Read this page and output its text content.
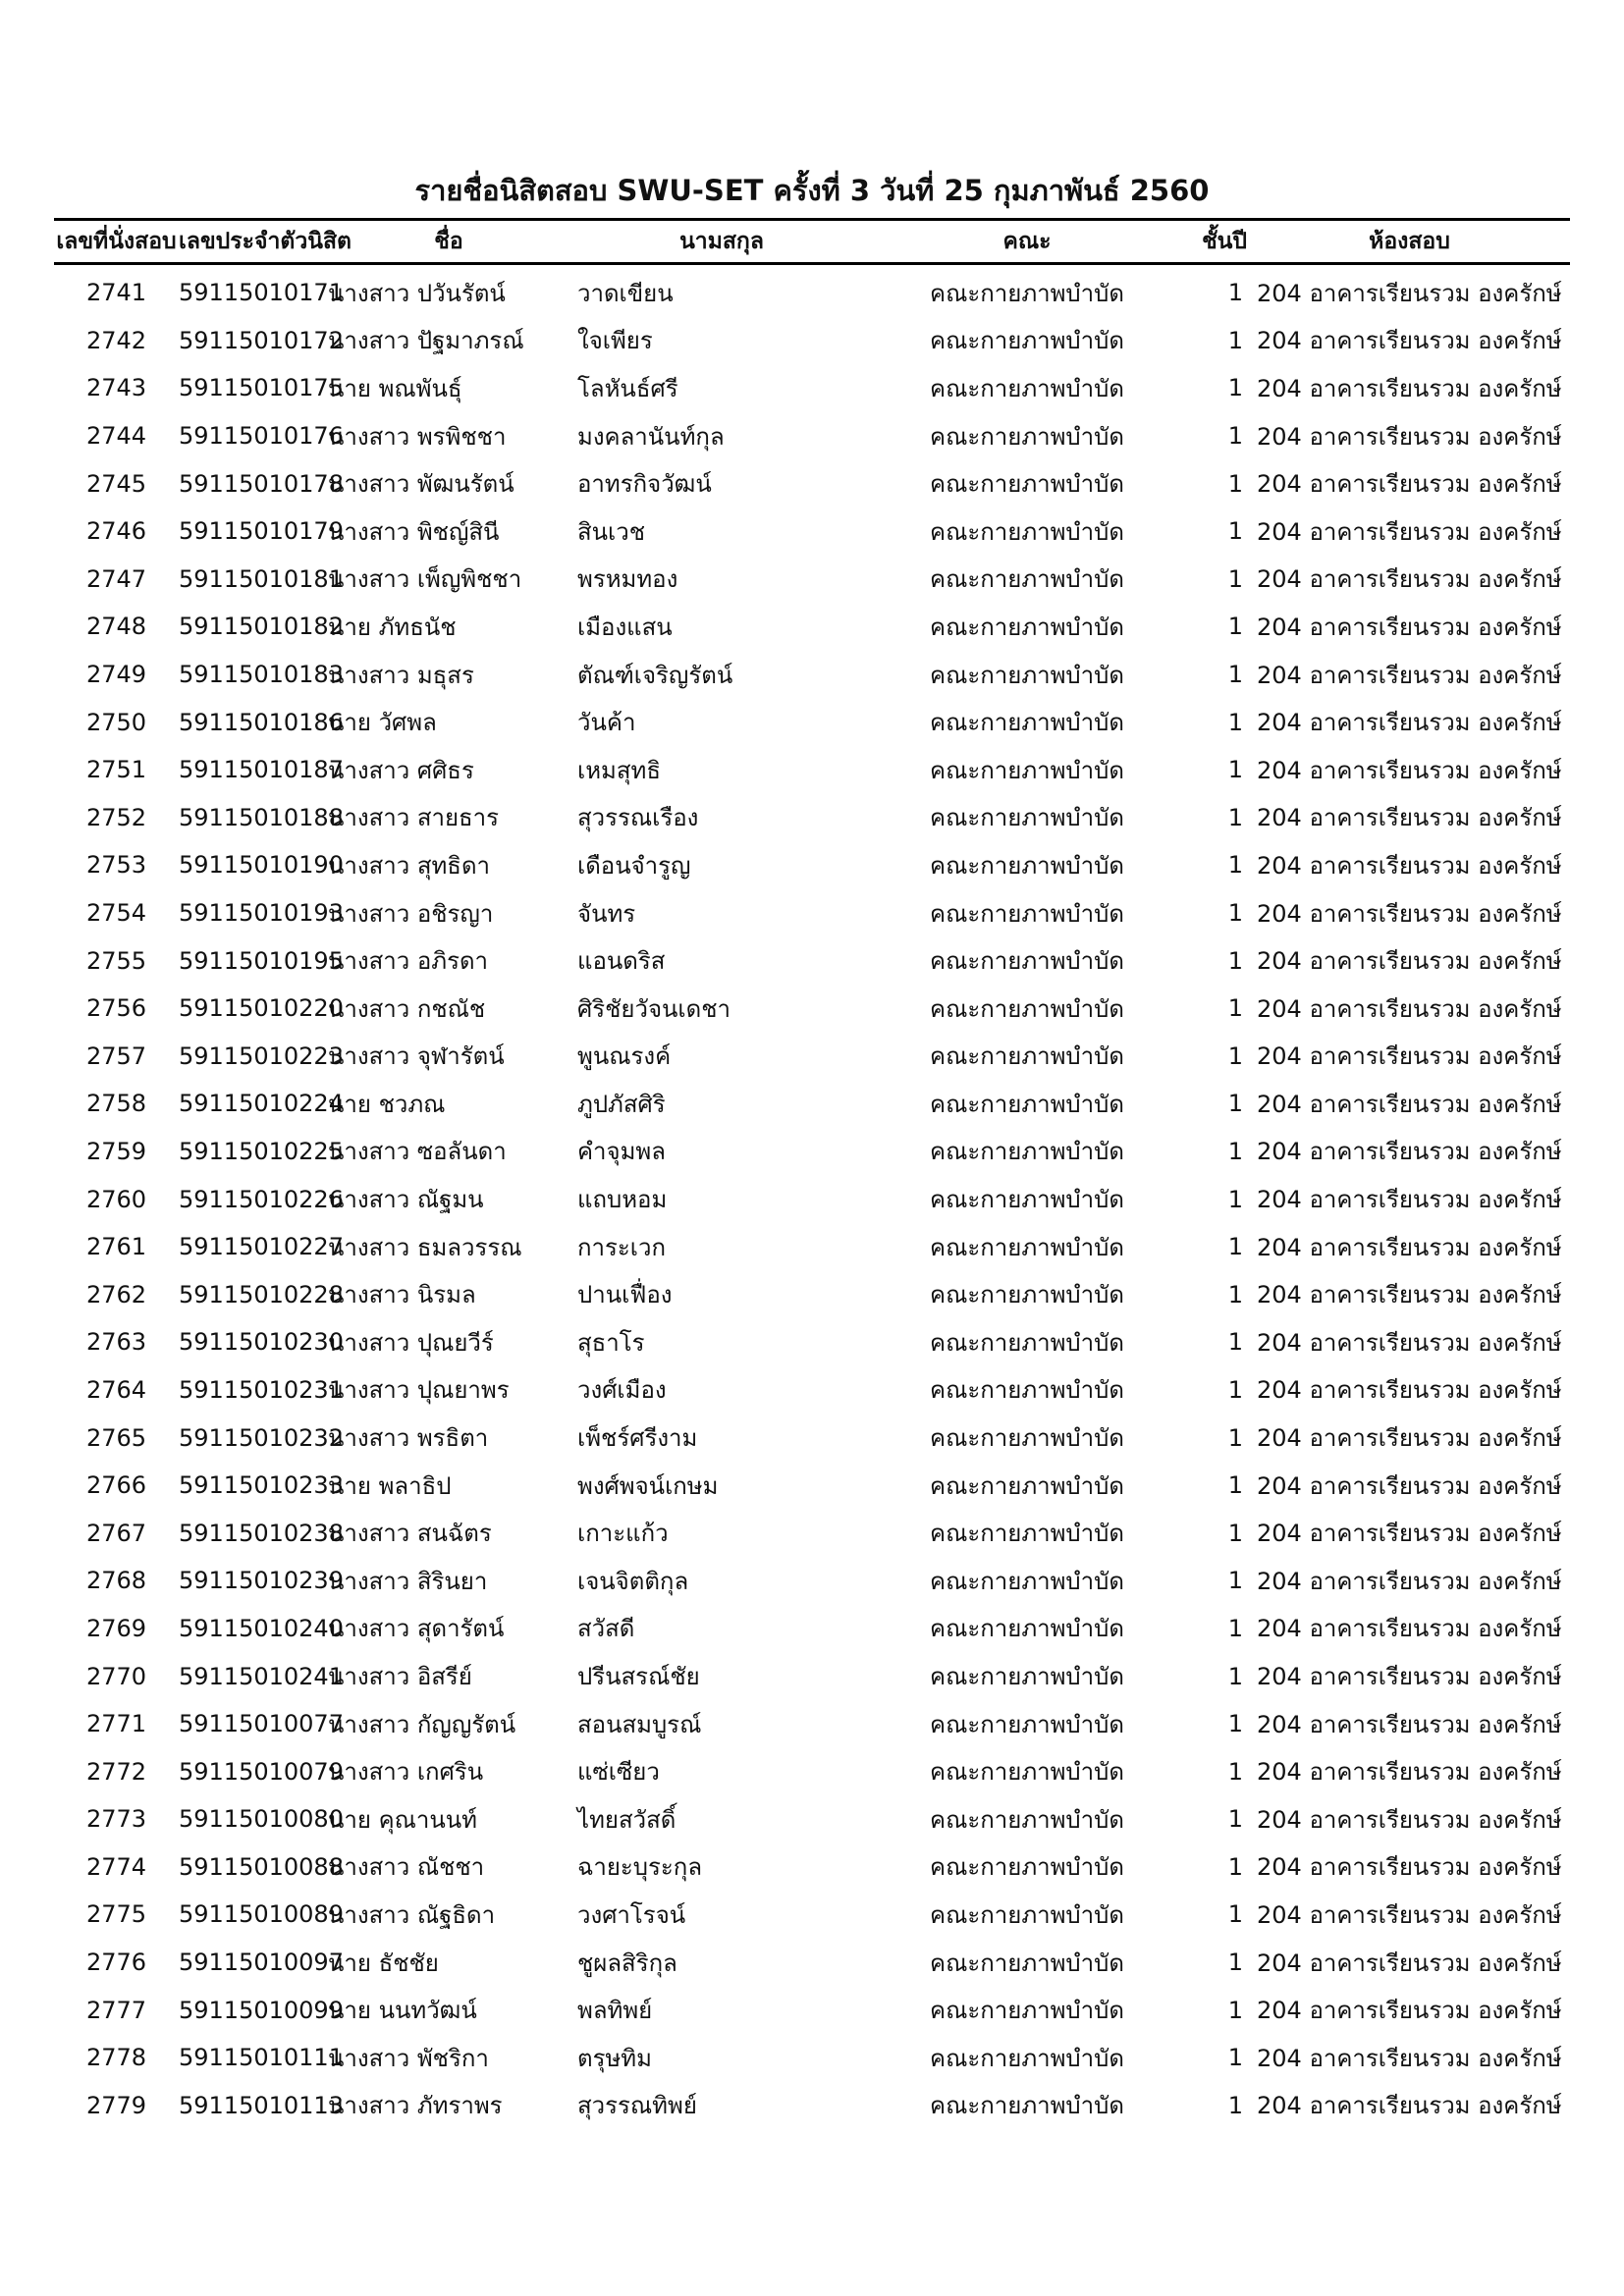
รายชื่อนิสิตสอบ SWU-SET ครั้งที่ 3 วันที่ 25 กุมภาพันธ์ 2560
เลขที่นั่งสอบ	เลขประจำตัวนิสิต	ชื่อ	นามสกุล	คณะ	ชั้นปี	ห้องสอบ
2741	59115010171	นางสาว ปวันรัตน์	วาดเขียน	คณะกายภาพบำบัด	1	204 อาคารเรียนรวม องครักษ์
2742	59115010172	นางสาว ปัฐมาภรณ์	ใจเพียร	คณะกายภาพบำบัด	1	204 อาคารเรียนรวม องครักษ์
2743	59115010175	นาย พณพันธุ์	โลหันธ์ศรี	คณะกายภาพบำบัด	1	204 อาคารเรียนรวม องครักษ์
2744	59115010176	นางสาว พรพิชชา	มงคลานันท์กุล	คณะกายภาพบำบัด	1	204 อาคารเรียนรวม องครักษ์
2745	59115010178	นางสาว พัฒนรัตน์	อาทรกิจวัฒน์	คณะกายภาพบำบัด	1	204 อาคารเรียนรวม องครักษ์
2746	59115010179	นางสาว พิชญ์สินี	สินเวช	คณะกายภาพบำบัด	1	204 อาคารเรียนรวม องครักษ์
2747	59115010181	นางสาว เพ็ญพิชชา	พรหมทอง	คณะกายภาพบำบัด	1	204 อาคารเรียนรวม องครักษ์
2748	59115010182	นาย ภัทธนัช	เมืองแสน	คณะกายภาพบำบัด	1	204 อาคารเรียนรวม องครักษ์
2749	59115010183	นางสาว มธุสร	ตัณฑ์เจริญรัตน์	คณะกายภาพบำบัด	1	204 อาคารเรียนรวม องครักษ์
2750	59115010186	นาย วัศพล	วันค้า	คณะกายภาพบำบัด	1	204 อาคารเรียนรวม องครักษ์
2751	59115010187	นางสาว ศศิธร	เหมสุทธิ	คณะกายภาพบำบัด	1	204 อาคารเรียนรวม องครักษ์
2752	59115010188	นางสาว สายธาร	สุวรรณเรือง	คณะกายภาพบำบัด	1	204 อาคารเรียนรวม องครักษ์
2753	59115010190	นางสาว สุทธิดา	เดือนจำรูญ	คณะกายภาพบำบัด	1	204 อาคารเรียนรวม องครักษ์
2754	59115010193	นางสาว อชิรญา	จันทร	คณะกายภาพบำบัด	1	204 อาคารเรียนรวม องครักษ์
2755	59115010195	นางสาว อภิรดา	แอนดริส	คณะกายภาพบำบัด	1	204 อาคารเรียนรวม องครักษ์
2756	59115010220	นางสาว กชณัช	ศิริชัยวัจนเดชา	คณะกายภาพบำบัด	1	204 อาคารเรียนรวม องครักษ์
2757	59115010223	นางสาว จุฬารัตน์	พูนณรงค์	คณะกายภาพบำบัด	1	204 อาคารเรียนรวม องครักษ์
2758	59115010224	นาย ชวภณ	ภูปภัสศิริ	คณะกายภาพบำบัด	1	204 อาคารเรียนรวม องครักษ์
2759	59115010225	นางสาว ซอลันดา	คำจุมพล	คณะกายภาพบำบัด	1	204 อาคารเรียนรวม องครักษ์
2760	59115010226	นางสาว ณัฐมน	แถบหอม	คณะกายภาพบำบัด	1	204 อาคารเรียนรวม องครักษ์
2761	59115010227	นางสาว ธมลวรรณ	การะเวก	คณะกายภาพบำบัด	1	204 อาคารเรียนรวม องครักษ์
2762	59115010228	นางสาว นิรมล	ปานเฟื่อง	คณะกายภาพบำบัด	1	204 อาคารเรียนรวม องครักษ์
2763	59115010230	นางสาว ปุณยวีร์	สุธาโร	คณะกายภาพบำบัด	1	204 อาคารเรียนรวม องครักษ์
2764	59115010231	นางสาว ปุณยาพร	วงศ์เมือง	คณะกายภาพบำบัด	1	204 อาคารเรียนรวม องครักษ์
2765	59115010232	นางสาว พรธิตา	เพ็ชร์ศรีงาม	คณะกายภาพบำบัด	1	204 อาคารเรียนรวม องครักษ์
2766	59115010233	นาย พลาธิป	พงศ์พจน์เกษม	คณะกายภาพบำบัด	1	204 อาคารเรียนรวม องครักษ์
2767	59115010238	นางสาว สนฉัตร	เกาะแก้ว	คณะกายภาพบำบัด	1	204 อาคารเรียนรวม องครักษ์
2768	59115010239	นางสาว สิรินยา	เจนจิตติกุล	คณะกายภาพบำบัด	1	204 อาคารเรียนรวม องครักษ์
2769	59115010240	นางสาว สุดารัตน์	สวัสดี	คณะกายภาพบำบัด	1	204 อาคารเรียนรวม องครักษ์
2770	59115010241	นางสาว อิสรีย์	ปรีนสรณ์ชัย	คณะกายภาพบำบัด	1	204 อาคารเรียนรวม องครักษ์
2771	59115010077	นางสาว กัญญรัตน์	สอนสมบูรณ์	คณะกายภาพบำบัด	1	204 อาคารเรียนรวม องครักษ์
2772	59115010079	นางสาว เกศริน	แซ่เซียว	คณะกายภาพบำบัด	1	204 อาคารเรียนรวม องครักษ์
2773	59115010080	นาย คุณานนท์	ไทยสวัสดิ์	คณะกายภาพบำบัด	1	204 อาคารเรียนรวม องครักษ์
2774	59115010088	นางสาว ณัชชา	ฉายะบุระกุล	คณะกายภาพบำบัด	1	204 อาคารเรียนรวม องครักษ์
2775	59115010089	นางสาว ณัฐธิดา	วงศาโรจน์	คณะกายภาพบำบัด	1	204 อาคารเรียนรวม องครักษ์
2776	59115010097	นาย ธัชชัย	ชูผลสิริกุล	คณะกายภาพบำบัด	1	204 อาคารเรียนรวม องครักษ์
2777	59115010099	นาย นนทวัฒน์	พลทิพย์	คณะกายภาพบำบัด	1	204 อาคารเรียนรวม องครักษ์
2778	59115010111	นางสาว พัชริกา	ตรุษทิม	คณะกายภาพบำบัด	1	204 อาคารเรียนรวม องครักษ์
2779	59115010113	นางสาว ภัทราพร	สุวรรณทิพย์	คณะกายภาพบำบัด	1	204 อาคารเรียนรวม องครักษ์
